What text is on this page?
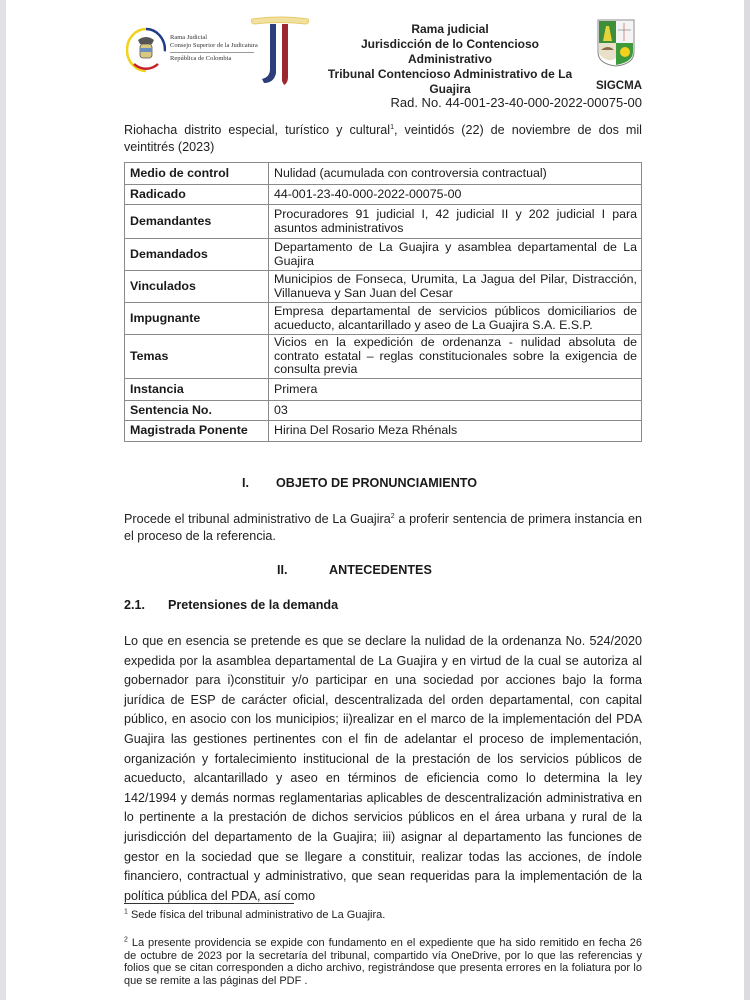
Rama Judicial
Consejo Superior de la Judicatura
República de Colombia
Rama judicial
Jurisdicción de lo Contencioso Administrativo
Tribunal Contencioso Administrativo de La Guajira	SIGCMA
Rad. No. 44-001-23-40-000-2022-00075-00
Riohacha distrito especial, turístico y cultural$^1$, veintidós (22) de noviembre de dos mil veintitrés (2023)
Medio de control	Nulidad (acumulada con controversia contractual)
Radicado	44-001-23-40-000-2022-00075-00
Demandantes	Procuradores 91 judicial I, 42 judicial II y 202 judicial I para asuntos administrativos
Demandados	Departamento de La Guajira y asamblea departamental de La Guajira
Vinculados	Municipios de Fonseca, Urumita, La Jagua del Pilar, Distracción, Villanueva y San Juan del Cesar
Impugnante	Empresa departamental de servicios públicos domiciliarios de acueducto, alcantarillado y aseo de La Guajira S.A. E.S.P.
Temas	Vicios en la expedición de ordenanza - nulidad absoluta de contrato estatal – reglas constitucionales sobre la exigencia de consulta previa
Instancia	Primera
Sentencia No.	03
Magistrada Ponente	Hirina Del Rosario Meza Rhénals
I. OBJETO DE PRONUNCIAMIENTO
Procede el tribunal administrativo de La Guajira$^2$ a proferir sentencia de primera instancia en el proceso de la referencia.
II.	ANTECEDENTES
2.1. Pretensiones de la demanda
Lo que en esencia se pretende es que se declare la nulidad de la ordenanza No. 524/2020 expedida por la asamblea departamental de La Guajira y en virtud de la cual se autoriza al gobernador para i)constituir y/o participar en una sociedad por acciones bajo la forma jurídica de ESP de carácter oficial, descentralizada del orden departamental, con capital público, en asocio con los municipios; ii)realizar en el marco de la implementación del PDA Guajira las gestiones pertinentes con el fin de adelantar el proceso de implementación, organización y fortalecimiento institucional de la prestación de los servicios públicos de acueducto, alcantarillado y aseo en términos de eficiencia como lo determina la ley 142/1994 y demás normas reglamentarias aplicables de descentralización administrativa en lo pertinente a la prestación de dichos servicios públicos en el área urbana y rural de la jurisdicción del departamento de la Guajira; iii) asignar al departamento las funciones de gestor en la sociedad que se llegare a constituir, realizar todas las acciones, de índole financiero, contractual y administrativo, que sean requeridas para la implementación de la política pública del PDA, así como
$^1$ Sede física del tribunal administrativo de La Guajira.
$^2$ La presente providencia se expide con fundamento en el expediente que ha sido remitido en fecha 26 de octubre de 2023 por la secretaría del tribunal, compartido vía OneDrive, por lo que las referencias y folios que se citan corresponden a dicho archivo, registrándose que presenta errores en la foliatura por lo que se remite a las páginas del PDF .
